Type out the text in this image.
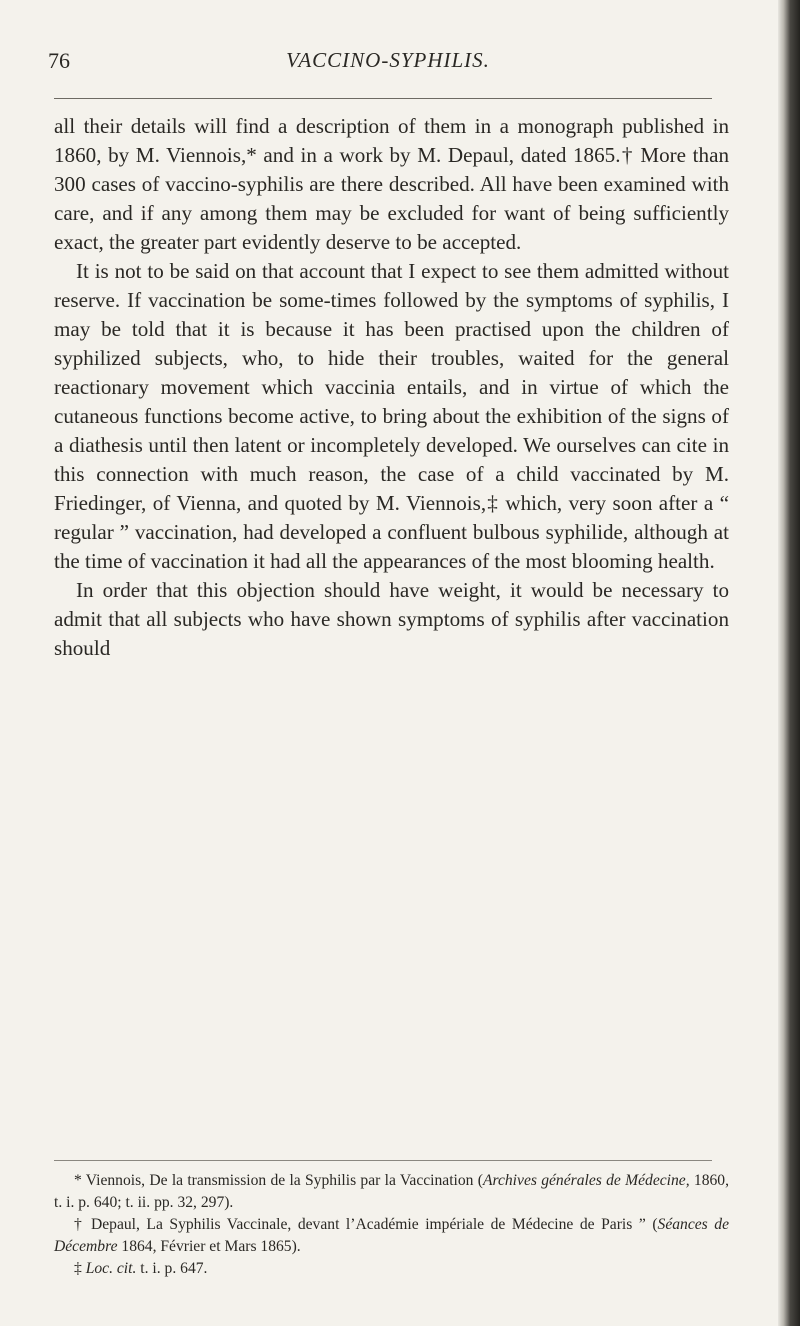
76	VACCINO-SYPHILIS.

all their details will find a description of them in a monograph published in 1860, by M. Viennois,* and in a work by M. Depaul, dated 1865.† More than 300 cases of vaccino-syphilis are there described. All have been examined with care, and if any among them may be excluded for want of being sufficiently exact, the greater part evidently deserve to be accepted.

It is not to be said on that account that I expect to see them admitted without reserve. If vaccination be some-times followed by the symptoms of syphilis, I may be told that it is because it has been practised upon the children of syphilized subjects, who, to hide their troubles, waited for the general reactionary movement which vaccinia entails, and in virtue of which the cutaneous functions become active, to bring about the exhibition of the signs of a diathesis until then latent or incompletely developed. We ourselves can cite in this connection with much reason, the case of a child vaccinated by M. Friedinger, of Vienna, and quoted by M. Viennois,‡ which, very soon after a “ regular ” vaccination, had developed a confluent bulbous syphilide, although at the time of vaccination it had all the appearances of the most blooming health.

In order that this objection should have weight, it would be necessary to admit that all subjects who have shown symptoms of syphilis after vaccination should

* Viennois, De la transmission de la Syphilis par la Vaccination (Archives générales de Médecine, 1860, t. i. p. 640; t. ii. pp. 32, 297).

† Depaul, La Syphilis Vaccinale, devant l’Académie impériale de Médecine de Paris ” (Séances de Décembre 1864, Février et Mars 1865).

‡ Loc. cit. t. i. p. 647.
